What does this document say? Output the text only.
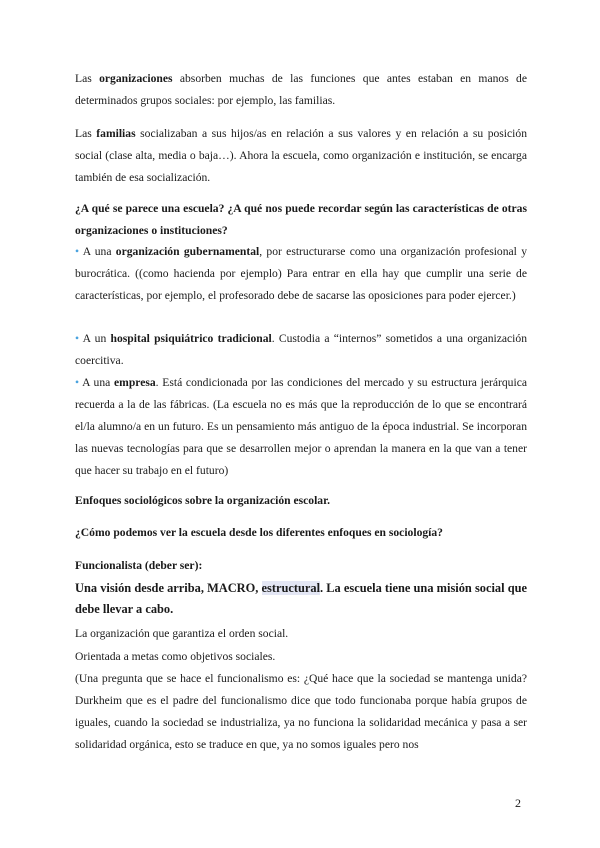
Las organizaciones absorben muchas de las funciones que antes estaban en manos de determinados grupos sociales: por ejemplo, las familias.

Las familias socializaban a sus hijos/as en relación a sus valores y en relación a su posición social (clase alta, media o baja…). Ahora la escuela, como organización e institución, se encarga también de esa socialización.

¿A qué se parece una escuela? ¿A qué nos puede recordar según las características de otras organizaciones o instituciones?

• A una organización gubernamental, por estructurarse como una organización profesional y burocrática. ((como hacienda por ejemplo) Para entrar en ella hay que cumplir una serie de características, por ejemplo, el profesorado debe de sacarse las oposiciones para poder ejercer.)

• A un hospital psiquiátrico tradicional. Custodia a “internos” sometidos a una organización coercitiva.

• A una empresa. Está condicionada por las condiciones del mercado y su estructura jerárquica recuerda a la de las fábricas. (La escuela no es más que la reproducción de lo que se encontrará el/la alumno/a en un futuro. Es un pensamiento más antiguo de la época industrial. Se incorporan las nuevas tecnologías para que se desarrollen mejor o aprendan la manera en la que van a tener que hacer su trabajo en el futuro)

Enfoques sociológicos sobre la organización escolar.

¿Cómo podemos ver la escuela desde los diferentes enfoques en sociología?

Funcionalista (deber ser):

Una visión desde arriba, MACRO, estructural. La escuela tiene una misión social que debe llevar a cabo.

La organización que garantiza el orden social.

Orientada a metas como objetivos sociales.

(Una pregunta que se hace el funcionalismo es: ¿Qué hace que la sociedad se mantenga unida? Durkheim que es el padre del funcionalismo dice que todo funcionaba porque había grupos de iguales, cuando la sociedad se industrializa, ya no funciona la solidaridad mecánica y pasa a ser solidaridad orgánica, esto se traduce en que, ya no somos iguales pero nos

2
